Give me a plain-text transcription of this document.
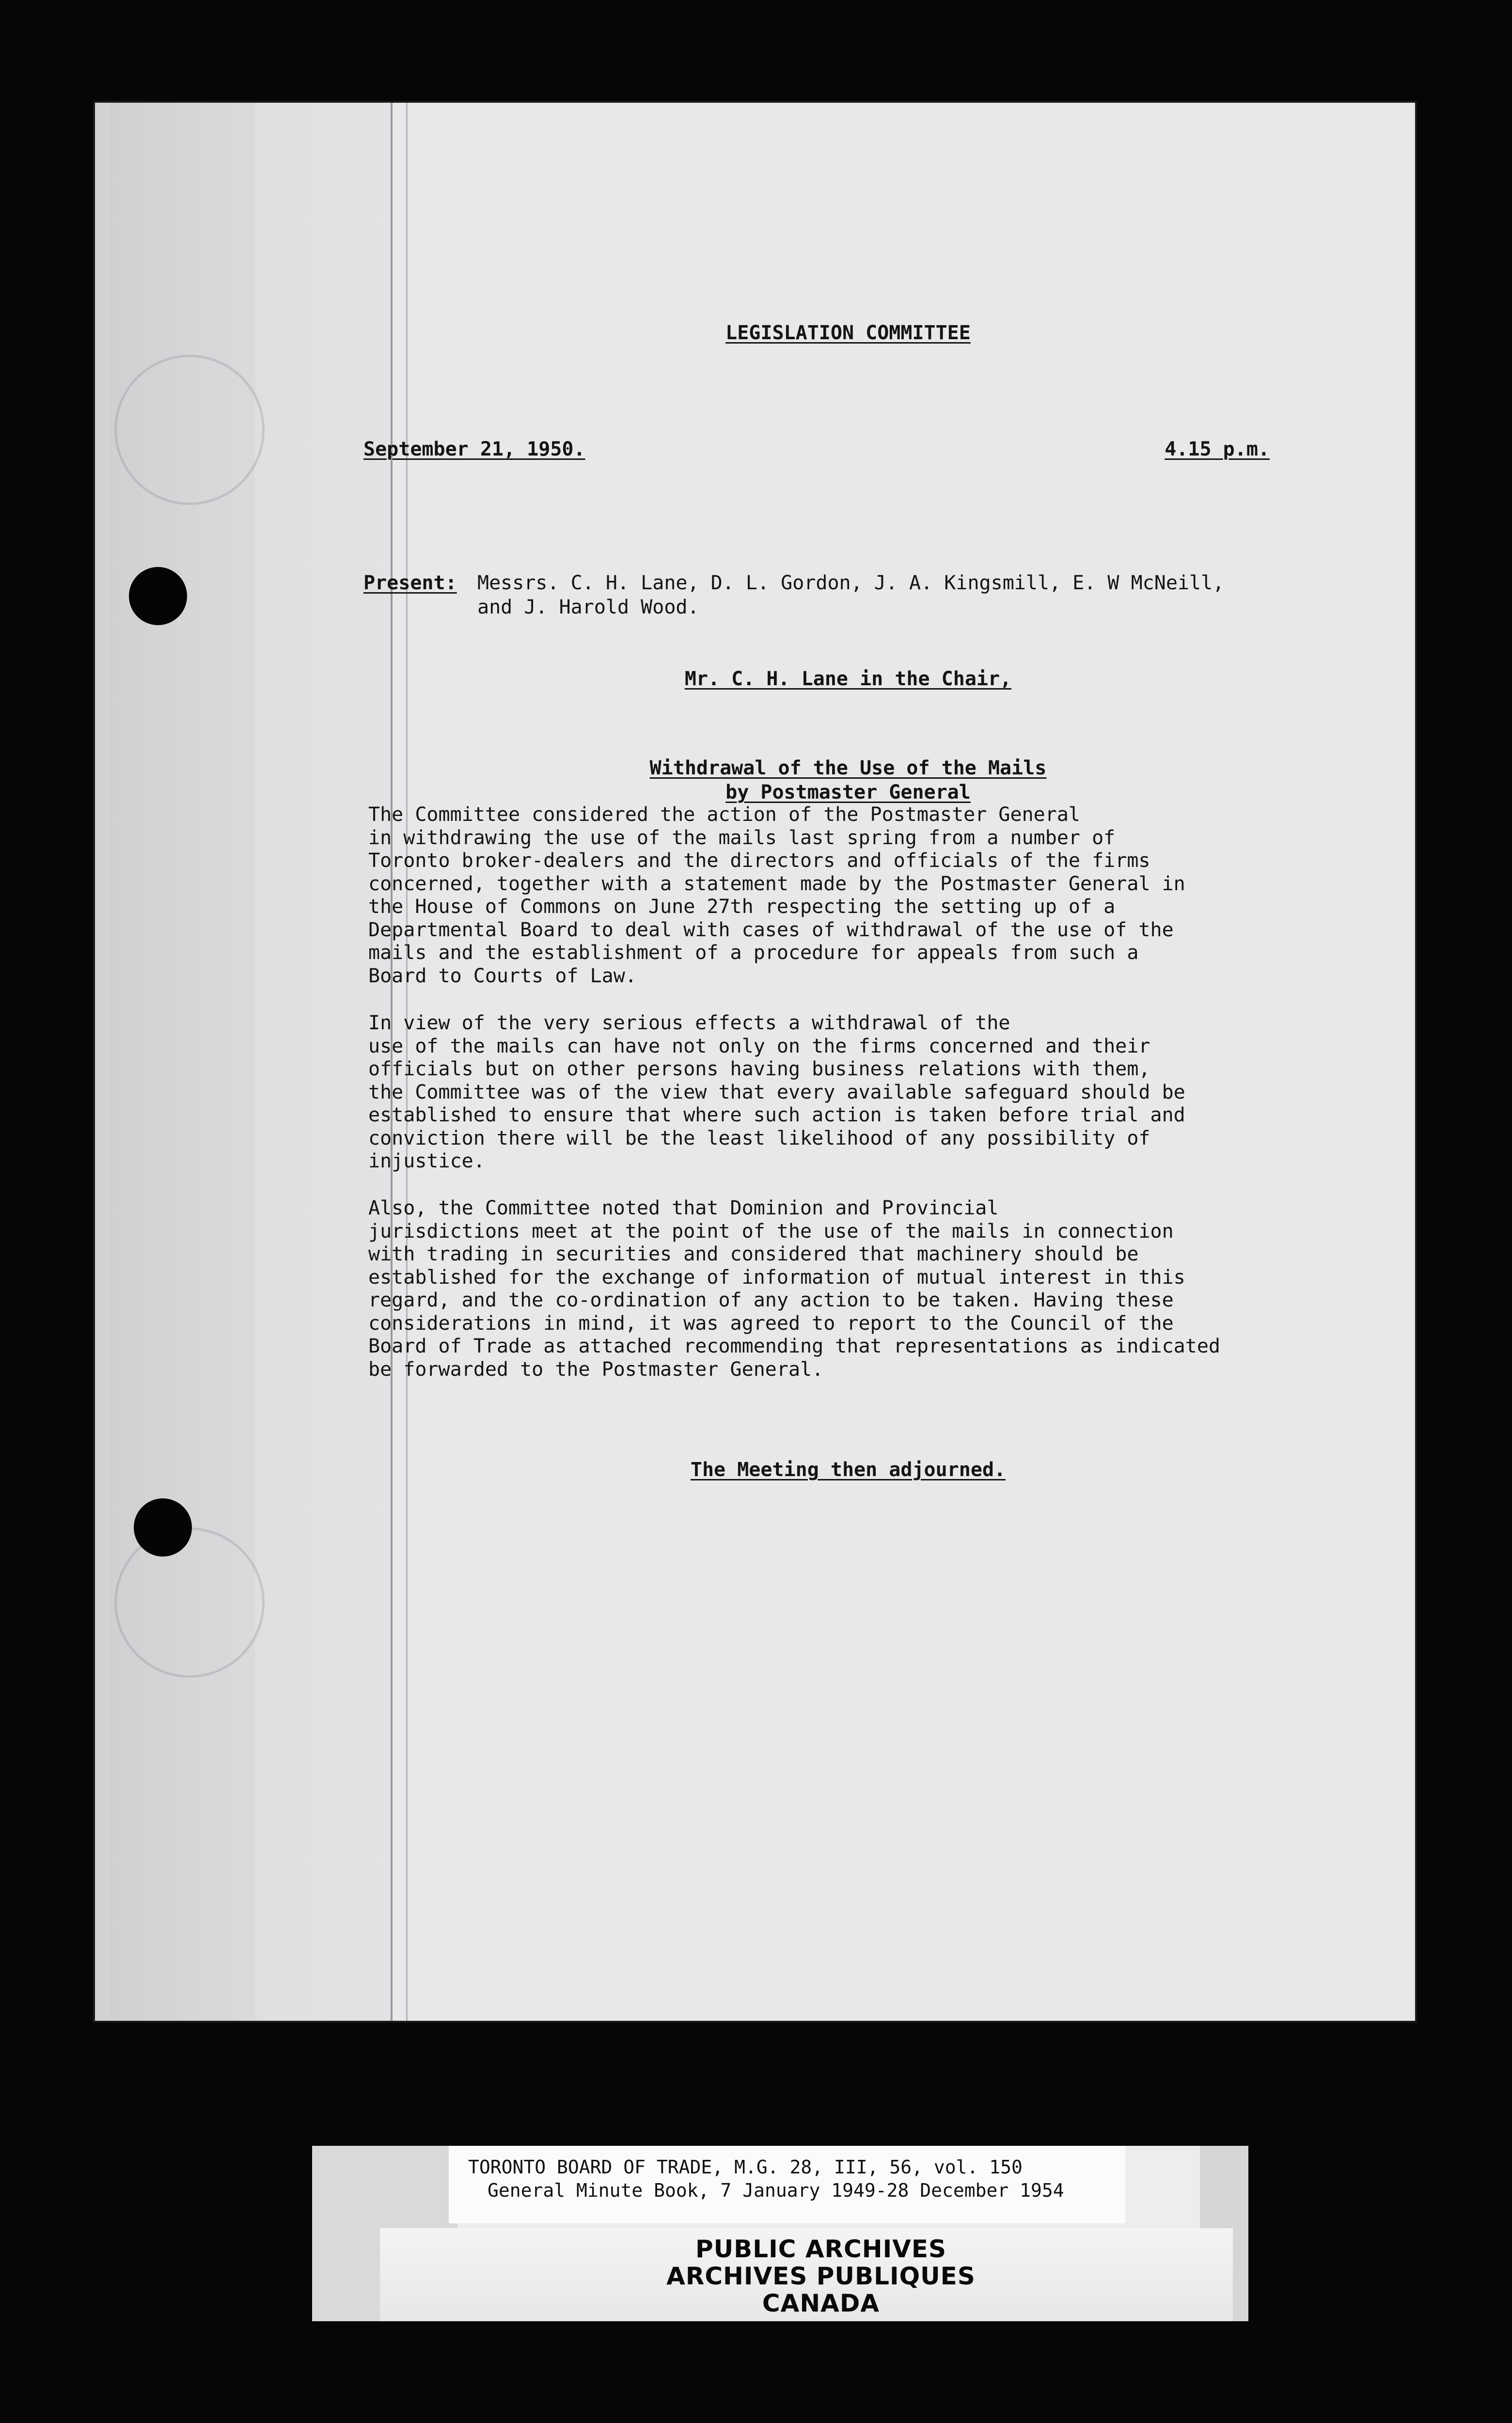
LEGISLATION COMMITTEE
September 21, 1950.	4.15 p.m.
Present:	Messrs. C. H. Lane, D. L. Gordon, J. A. Kingsmill, E. W McNeill,
and J. Harold Wood.
Mr. C. H. Lane in the Chair,

Withdrawal of the Use of the Mails
by Postmaster General

The Committee considered the action of the Postmaster General
in withdrawing the use of the mails last spring from a number of
Toronto broker-dealers and the directors and officials of the firms
concerned, together with a statement made by the Postmaster General in
the House of Commons on June 27th respecting the setting up of a
Departmental Board to deal with cases of withdrawal of the use of the
mails and the establishment of a procedure for appeals from such a
Board to Courts of Law.
In view of the very serious effects a withdrawal of the
use of the mails can have not only on the firms concerned and their
officials but on other persons having business relations with them,
the Committee was of the view that every available safeguard should be
established to ensure that where such action is taken before trial and
conviction there will be the least likelihood of any possibility of
injustice.
Also, the Committee noted that Dominion and Provincial
jurisdictions meet at the point of the use of the mails in connection
with trading in securities and considered that machinery should be
established for the exchange of information of mutual interest in this
regard, and the co-ordination of any action to be taken. Having these
considerations in mind, it was agreed to report to the Council of the
Board of Trade as attached recommending that representations as indicated
be forwarded to the Postmaster General.
The Meeting then adjourned.
TORONTO BOARD OF TRADE, M.G. 28, III, 56, vol. 150
General Minute Book, 7 January 1949-28 December 1954
PUBLIC ARCHIVES
ARCHIVES PUBLIQUES
CANADA
